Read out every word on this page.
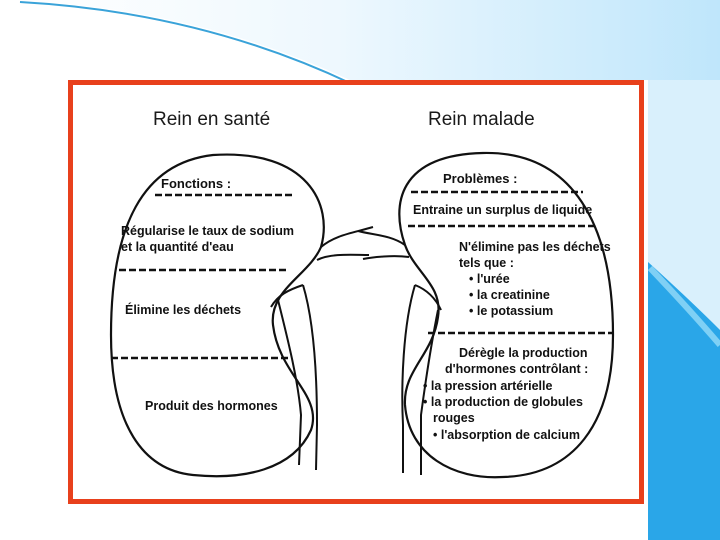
Rein en santé	Rein malade
Fonctions :
Régularise le taux de sodium
et la quantité d'eau
Élimine les déchets
Produit des hormones
Problèmes :
Entraine un surplus de liquide
N'élimine pas les déchets
tels que :
• l'urée
• la creatinine
• le potassium
Dérègle la production
d'hormones contrôlant :
• la pression artérielle
• la production de globules
rouges
• l'absorption de calcium
